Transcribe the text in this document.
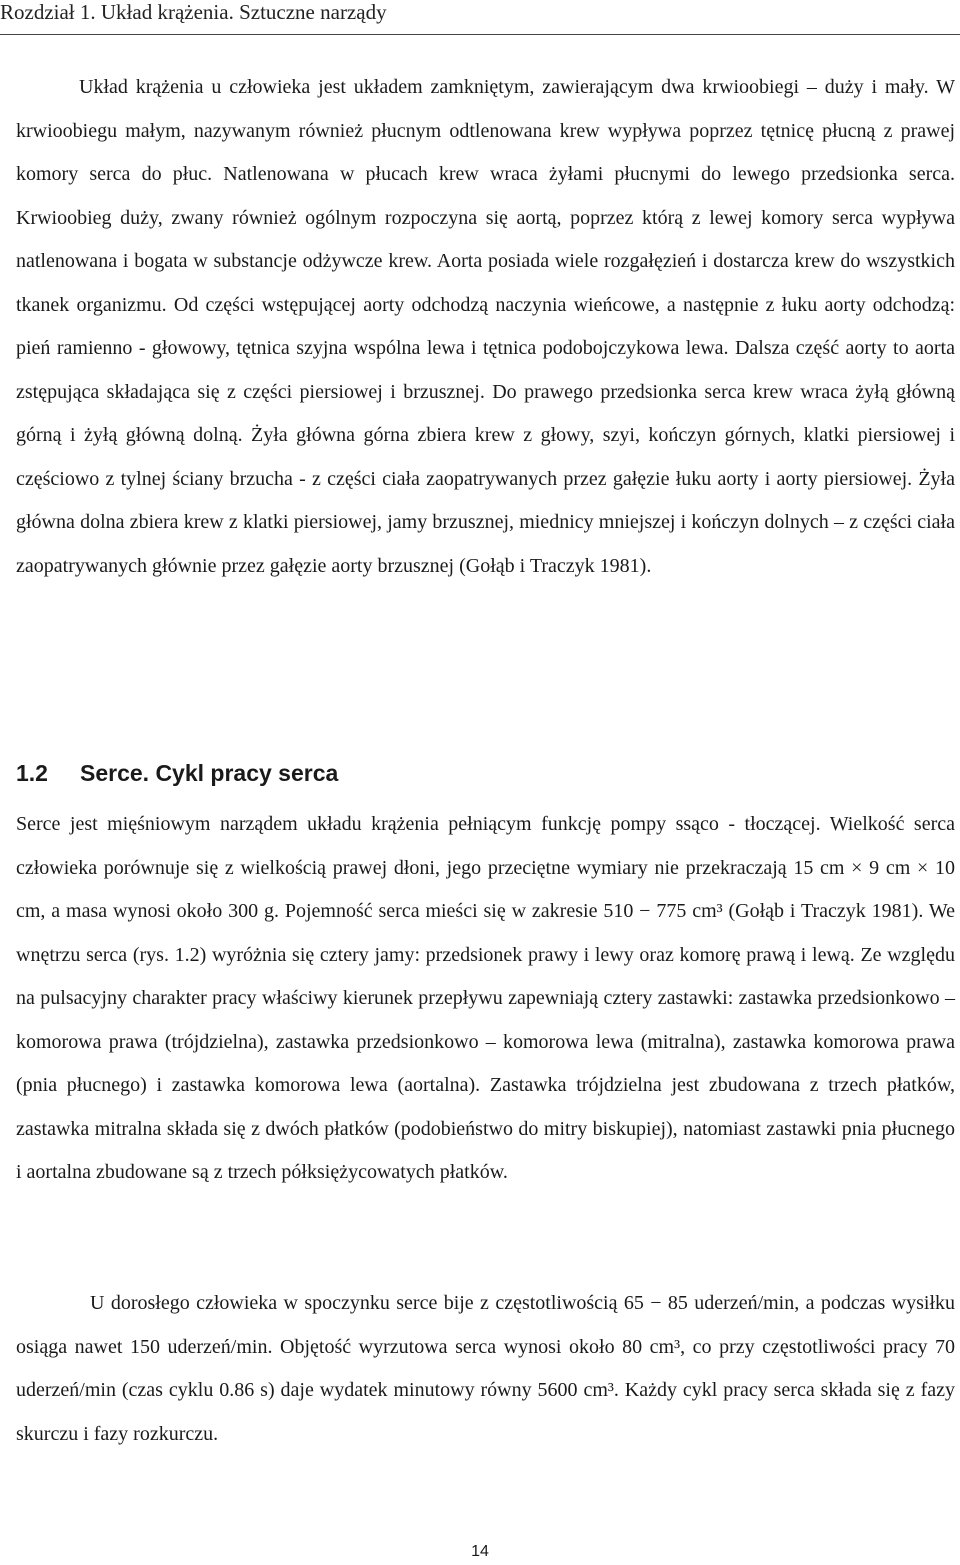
Rozdział 1. Układ krążenia. Sztuczne narządy

Układ krążenia u człowieka jest układem zamkniętym, zawierającym dwa krwioobiegi – duży i mały. W krwioobiegu małym, nazywanym również płucnym odtlenowana krew wypływa poprzez tętnicę płucną z prawej komory serca do płuc. Natlenowana w płucach krew wraca żyłami płucnymi do lewego przedsionka serca. Krwioobieg duży, zwany również ogólnym rozpoczyna się aortą, poprzez którą z lewej komory serca wypływa natlenowana i bogata w substancje odżywcze krew. Aorta posiada wiele rozgałęzień i dostarcza krew do wszystkich tkanek organizmu. Od części wstępującej aorty odchodzą naczynia wieńcowe, a następnie z łuku aorty odchodzą: pień ramienno - głowowy, tętnica szyjna wspólna lewa i tętnica podobojczykowa lewa. Dalsza część aorty to aorta zstępująca składająca się z części piersiowej i brzusznej. Do prawego przedsionka serca krew wraca żyłą główną górną i żyłą główną dolną. Żyła główna górna zbiera krew z głowy, szyi, kończyn górnych, klatki piersiowej i częściowo z tylnej ściany brzucha - z części ciała zaopatrywanych przez gałęzie łuku aorty i aorty piersiowej. Żyła główna dolna zbiera krew z klatki piersiowej, jamy brzusznej, miednicy mniejszej i kończyn dolnych – z części ciała zaopatrywanych głównie przez gałęzie aorty brzusznej (Gołąb i Traczyk 1981).

1.2 Serce. Cykl pracy serca

Serce jest mięśniowym narządem układu krążenia pełniącym funkcję pompy ssąco - tłoczącej. Wielkość serca człowieka porównuje się z wielkością prawej dłoni, jego przeciętne wymiary nie przekraczają 15 cm × 9 cm × 10 cm, a masa wynosi około 300 g. Pojemność serca mieści się w zakresie 510 − 775 cm³ (Gołąb i Traczyk 1981). We wnętrzu serca (rys. 1.2) wyróżnia się cztery jamy: przedsionek prawy i lewy oraz komorę prawą i lewą. Ze względu na pulsacyjny charakter pracy właściwy kierunek przepływu zapewniają cztery zastawki: zastawka przedsionkowo – komorowa prawa (trójdzielna), zastawka przedsionkowo – komorowa lewa (mitralna), zastawka komorowa prawa (pnia płucnego) i zastawka komorowa lewa (aortalna). Zastawka trójdzielna jest zbudowana z trzech płatków, zastawka mitralna składa się z dwóch płatków (podobieństwo do mitry biskupiej), natomiast zastawki pnia płucnego i aortalna zbudowane są z trzech półksiężycowatych płatków.

U dorosłego człowieka w spoczynku serce bije z częstotliwością 65 − 85 uderzeń/min, a podczas wysiłku osiąga nawet 150 uderzeń/min. Objętość wyrzutowa serca wynosi około 80 cm³, co przy częstotliwości pracy 70 uderzeń/min (czas cyklu 0.86 s) daje wydatek minutowy równy 5600 cm³. Każdy cykl pracy serca składa się z fazy skurczu i fazy rozkurczu.

14
